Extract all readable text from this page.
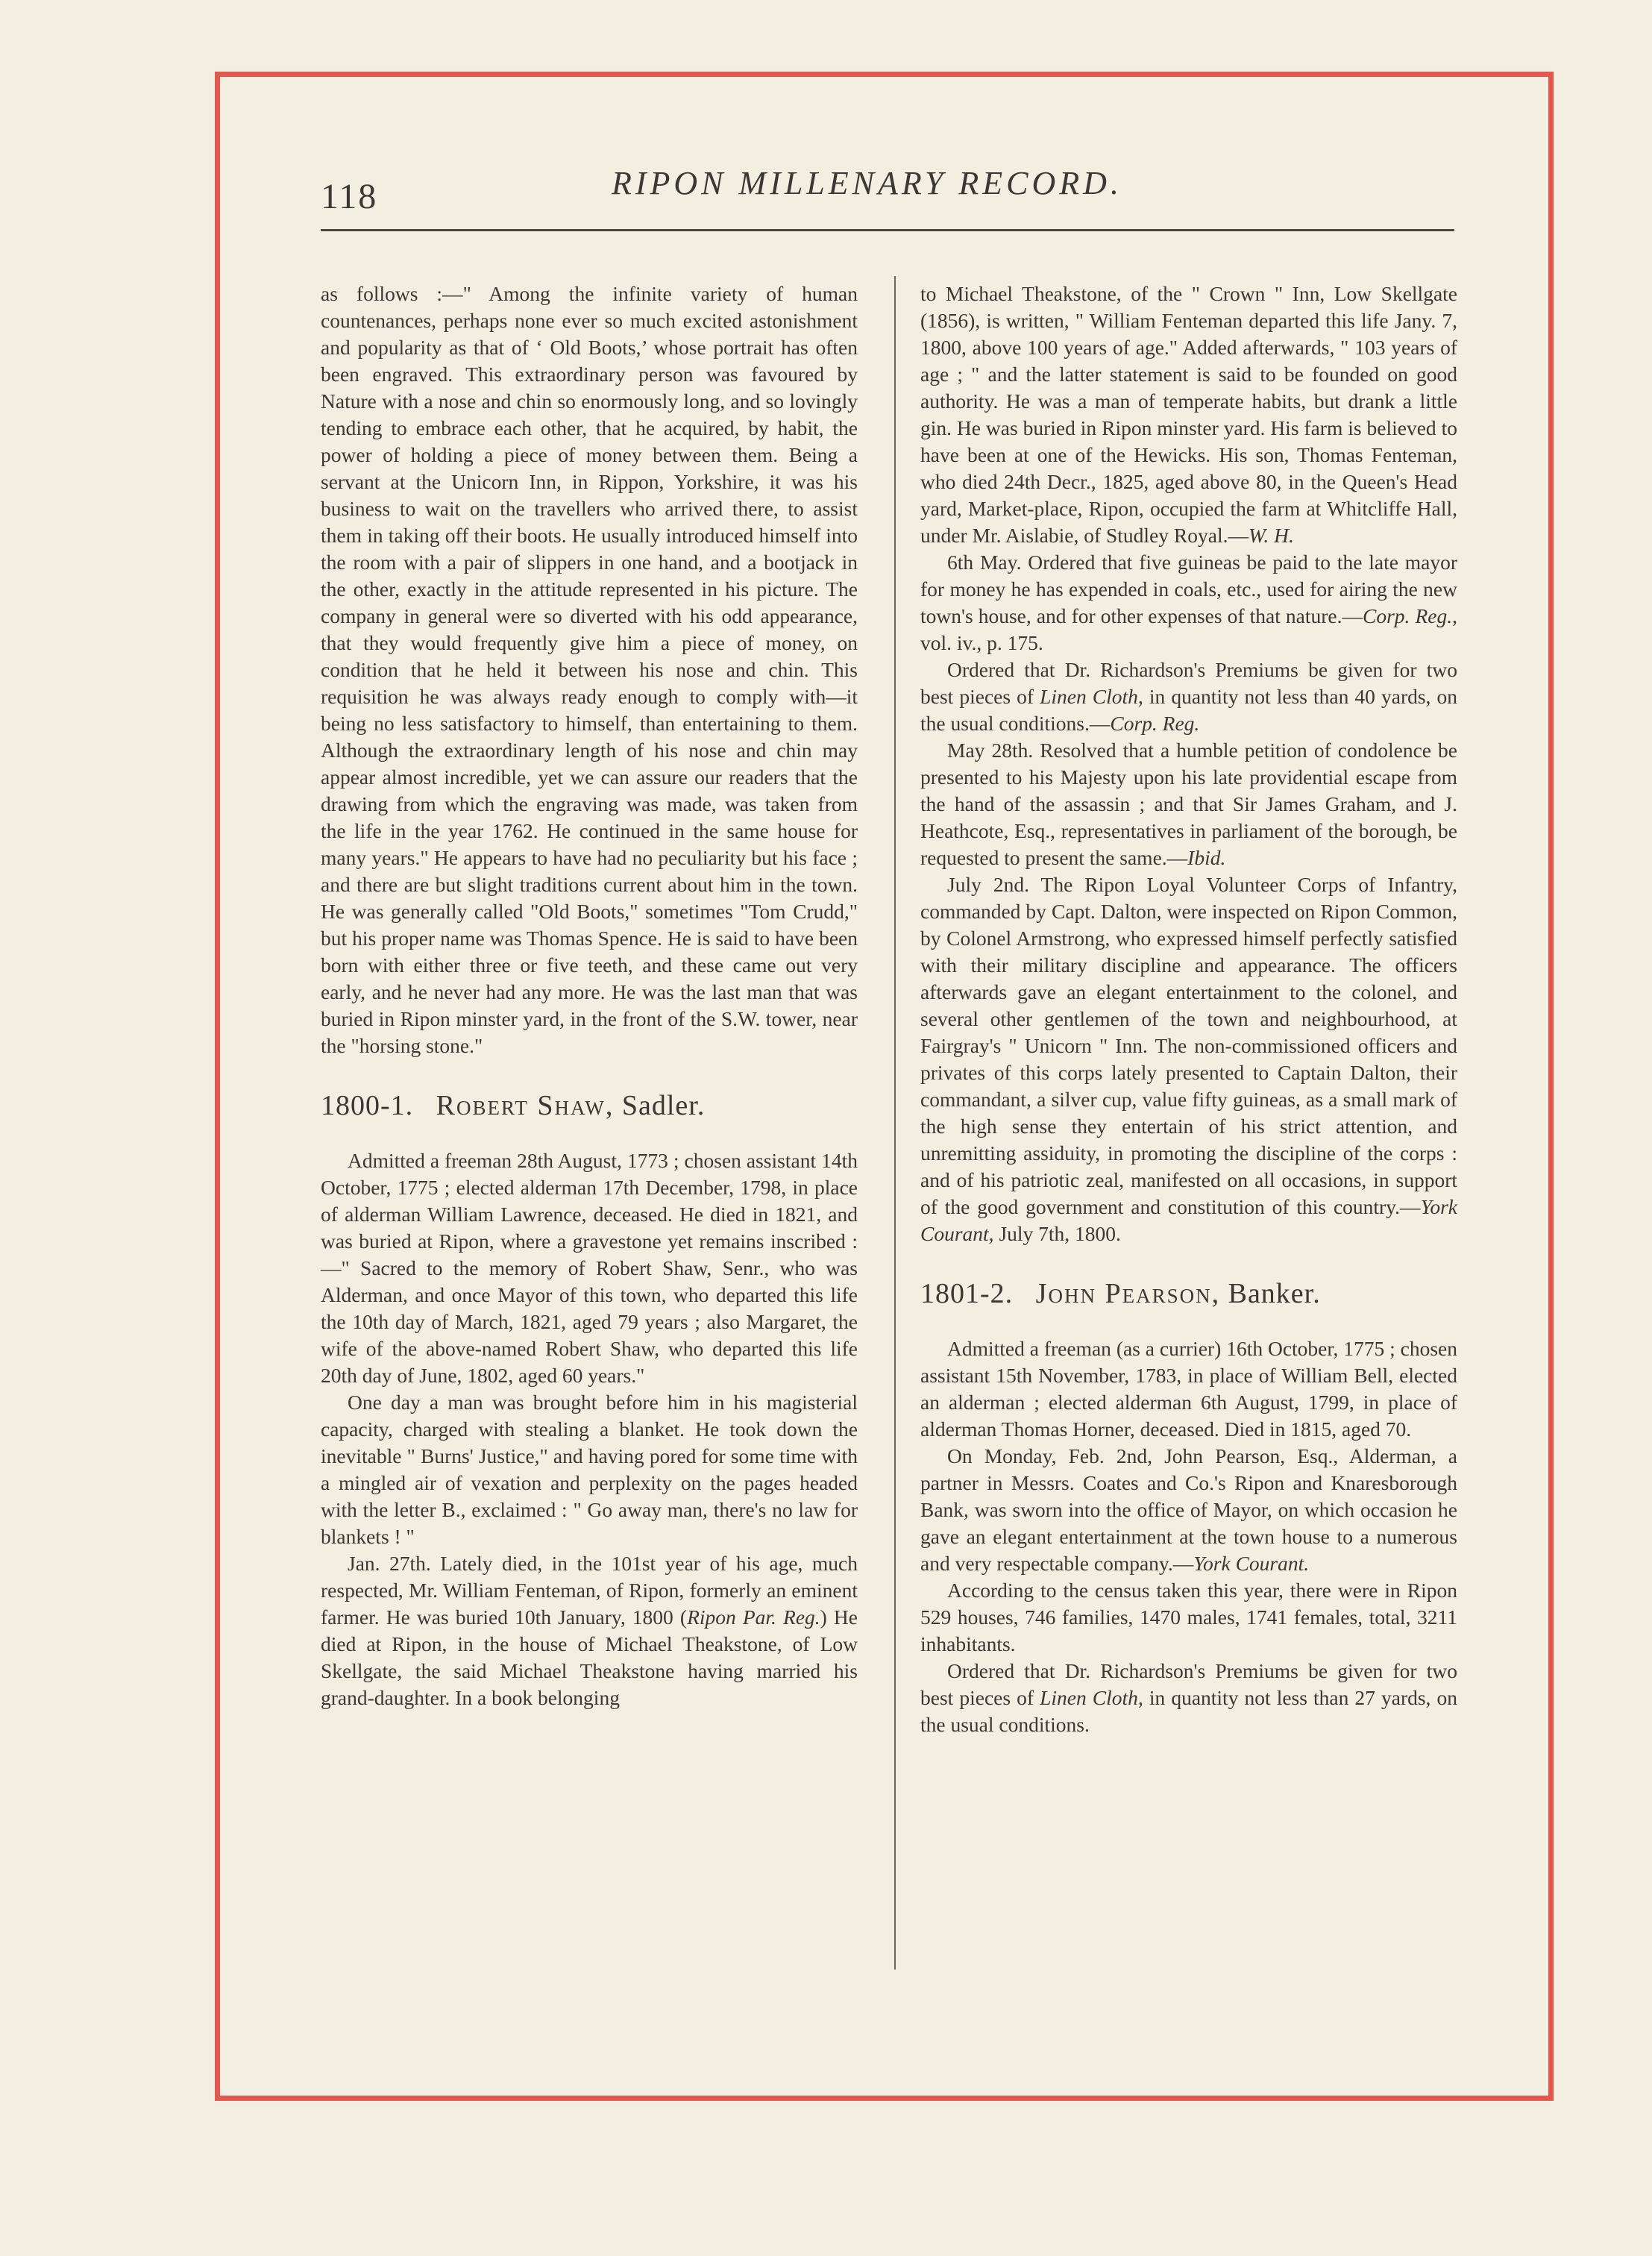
118	RIPON MILLENARY RECORD.

as follows :—" Among the infinite variety of human countenances, perhaps none ever so much excited astonishment and popularity as that of ‘ Old Boots,’ whose portrait has often been engraved. This extraordinary person was favoured by Nature with a nose and chin so enormously long, and so lovingly tending to embrace each other, that he acquired, by habit, the power of holding a piece of money between them. Being a servant at the Unicorn Inn, in Rippon, Yorkshire, it was his business to wait on the travellers who arrived there, to assist them in taking off their boots. He usually introduced himself into the room with a pair of slippers in one hand, and a bootjack in the other, exactly in the attitude represented in his picture. The company in general were so diverted with his odd appearance, that they would frequently give him a piece of money, on condition that he held it between his nose and chin. This requisition he was always ready enough to comply with—it being no less satisfactory to himself, than entertaining to them. Although the extraordinary length of his nose and chin may appear almost incredible, yet we can assure our readers that the drawing from which the engraving was made, was taken from the life in the year 1762. He continued in the same house for many years." He appears to have had no peculiarity but his face ; and there are but slight traditions current about him in the town. He was generally called "Old Boots," sometimes "Tom Crudd," but his proper name was Thomas Spence. He is said to have been born with either three or five teeth, and these came out very early, and he never had any more. He was the last man that was buried in Ripon minster yard, in the front of the S.W. tower, near the "horsing stone."

1800-1. Robert Shaw, Sadler.

Admitted a freeman 28th August, 1773 ; chosen assistant 14th October, 1775 ; elected alderman 17th December, 1798, in place of alderman William Lawrence, deceased. He died in 1821, and was buried at Ripon, where a gravestone yet remains inscribed :—" Sacred to the memory of Robert Shaw, Senr., who was Alderman, and once Mayor of this town, who departed this life the 10th day of March, 1821, aged 79 years ; also Margaret, the wife of the above-named Robert Shaw, who departed this life 20th day of June, 1802, aged 60 years."

One day a man was brought before him in his magisterial capacity, charged with stealing a blanket. He took down the inevitable " Burns' Justice," and having pored for some time with a mingled air of vexation and perplexity on the pages headed with the letter B., exclaimed : " Go away man, there's no law for blankets ! "

Jan. 27th. Lately died, in the 101st year of his age, much respected, Mr. William Fenteman, of Ripon, formerly an eminent farmer. He was buried 10th January, 1800 (Ripon Par. Reg.) He died at Ripon, in the house of Michael Theakstone, of Low Skellgate, the said Michael Theakstone having married his grand-daughter. In a book belonging

to Michael Theakstone, of the " Crown " Inn, Low Skellgate (1856), is written, " William Fenteman departed this life Jany. 7, 1800, above 100 years of age." Added afterwards, " 103 years of age ; " and the latter statement is said to be founded on good authority. He was a man of temperate habits, but drank a little gin. He was buried in Ripon minster yard. His farm is believed to have been at one of the Hewicks. His son, Thomas Fenteman, who died 24th Decr., 1825, aged above 80, in the Queen's Head yard, Market-place, Ripon, occupied the farm at Whitcliffe Hall, under Mr. Aislabie, of Studley Royal.—W. H.

6th May. Ordered that five guineas be paid to the late mayor for money he has expended in coals, etc., used for airing the new town's house, and for other expenses of that nature.—Corp. Reg., vol. iv., p. 175.

Ordered that Dr. Richardson's Premiums be given for two best pieces of Linen Cloth, in quantity not less than 40 yards, on the usual conditions.—Corp. Reg.

May 28th. Resolved that a humble petition of condolence be presented to his Majesty upon his late providential escape from the hand of the assassin ; and that Sir James Graham, and J. Heathcote, Esq., representatives in parliament of the borough, be requested to present the same.—Ibid.

July 2nd. The Ripon Loyal Volunteer Corps of Infantry, commanded by Capt. Dalton, were inspected on Ripon Common, by Colonel Armstrong, who expressed himself perfectly satisfied with their military discipline and appearance. The officers afterwards gave an elegant entertainment to the colonel, and several other gentlemen of the town and neighbourhood, at Fairgray's " Unicorn " Inn. The non-commissioned officers and privates of this corps lately presented to Captain Dalton, their commandant, a silver cup, value fifty guineas, as a small mark of the high sense they entertain of his strict attention, and unremitting assiduity, in promoting the discipline of the corps : and of his patriotic zeal, manifested on all occasions, in support of the good government and constitution of this country.—York Courant, July 7th, 1800.

1801-2. John Pearson, Banker.

Admitted a freeman (as a currier) 16th October, 1775 ; chosen assistant 15th November, 1783, in place of William Bell, elected an alderman ; elected alderman 6th August, 1799, in place of alderman Thomas Horner, deceased. Died in 1815, aged 70.

On Monday, Feb. 2nd, John Pearson, Esq., Alderman, a partner in Messrs. Coates and Co.'s Ripon and Knaresborough Bank, was sworn into the office of Mayor, on which occasion he gave an elegant entertainment at the town house to a numerous and very respectable company.—York Courant.

According to the census taken this year, there were in Ripon 529 houses, 746 families, 1470 males, 1741 females, total, 3211 inhabitants.

Ordered that Dr. Richardson's Premiums be given for two best pieces of Linen Cloth, in quantity not less than 27 yards, on the usual conditions.
